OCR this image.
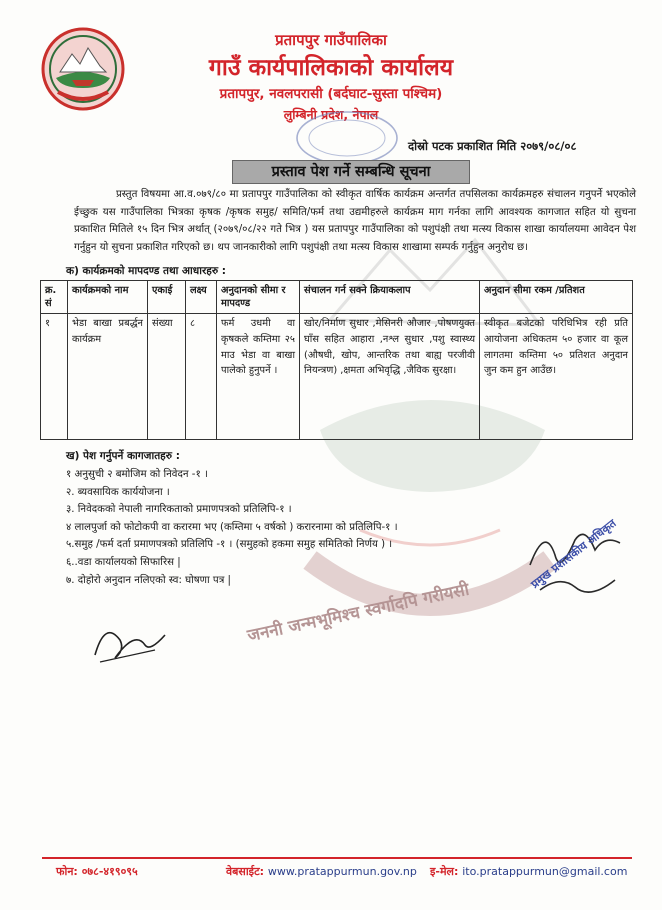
प्रतापपुर गाउँपालिका
गाउँ कार्यपालिकाको कार्यालय
प्रतापपुर, नवलपरासी (बर्दघाट-सुस्ता पश्चिम)
लुम्बिनी प्रदेश, नेपाल
दोस्रो पटक प्रकाशित मिति २०७९/०८/०८
प्रस्ताव पेश गर्ने सम्बन्धि सूचना

प्रस्तुत विषयमा आ.व.०७९/८० मा प्रतापपुर गाउँपालिका को स्वीकृत वार्षिक कार्यक्रम अन्तर्गत तपसिलका कार्यक्रमहरु संचालन गनुपर्ने भएकोले ईच्छुक यस गाउँपालिका भित्रका कृषक /कृषक समुह/ समिति/फर्म तथा उद्यमीहरुले कार्यक्रम माग गर्नका लागि आवश्यक कागजात सहित यो सुचना प्रकाशित मितिले १५ दिन भित्र अर्थात् (२०७९/०८/२२ गते भित्र ) यस प्रतापपुर गाउँपालिका को पशुपंक्षी तथा मत्स्य विकास शाखा कार्यालयमा आवेदन पेश गर्नुहुन यो सुचना प्रकाशित गरिएको छ। थप जानकारीको लागि पशुपंक्षी तथा मत्स्य विकास शाखामा सम्पर्क गर्नुहुन अनुरोध छ।

क) कार्यक्रमको मापदण्ड तथा आधारहरु :
जननी जन्मभूमिश्च स्वर्गादपि गरीयसी
क्र. सं	कार्यक्रमको नाम	एकाई	लक्ष्य	अनुदानको सीमा र मापदण्ड	संचालन गर्न सक्ने क्रियाकलाप	अनुदान सीमा रकम /प्रतिशत
१	भेडा बाखा प्रबर्द्धन कार्यक्रम	संख्या	८	फर्म उधमी वा कृषकले कम्तिमा २५ माउ भेडा वा बाखा पालेको हुनुपर्ने ।	खोर/निर्माण सुधार ,मेसिनरी औजार ,पोषणयुक्त घाँस सहित आहारा ,नश्ल सुधार ,पशु स्वास्थ्य (औषधी, खोप, आन्तरिक तथा बाह्य परजीवी नियन्त्रण) ,क्षमता अभिवृद्धि ,जैविक सुरक्षा।	स्वीकृत बजेटको परिधिभित्र रही प्रति आयोजना अधिकतम ५० हजार वा कूल लागतमा कम्तिमा ५० प्रतिशत अनुदान जुन कम हुन आउँछ।
ख) पेश गर्नुपर्ने कागजातहरु :
१ अनुसुची २ बमोजिम को निवेदन -१ ।
२. ब्यवसायिक कार्ययोजना ।
३. निवेदकको नेपाली नागरिकताको प्रमाणपत्रको प्रतिलिपि-१ ।
४ लालपुर्जा को फोटोकपी वा करारमा भए (कम्तिमा ५ वर्षको ) करारनामा को प्रतिलिपि-१ ।
५.समुह /फर्म दर्ता प्रमाणपत्रको प्रतिलिपि -१ । (समुहको हकमा समुह समितिको निर्णय ) ।
६..वडा कार्यालयको सिफारिस |
७. दोहोरो अनुदान नलिएको स्व: घोषणा पत्र |	प्रमुख प्रशासकीय अधिकृत
फोन: ०७८-४१९०९५	वेबसाईट: www.pratappurmun.gov.np इ-मेल: ito.pratappurmun@gmail.com
